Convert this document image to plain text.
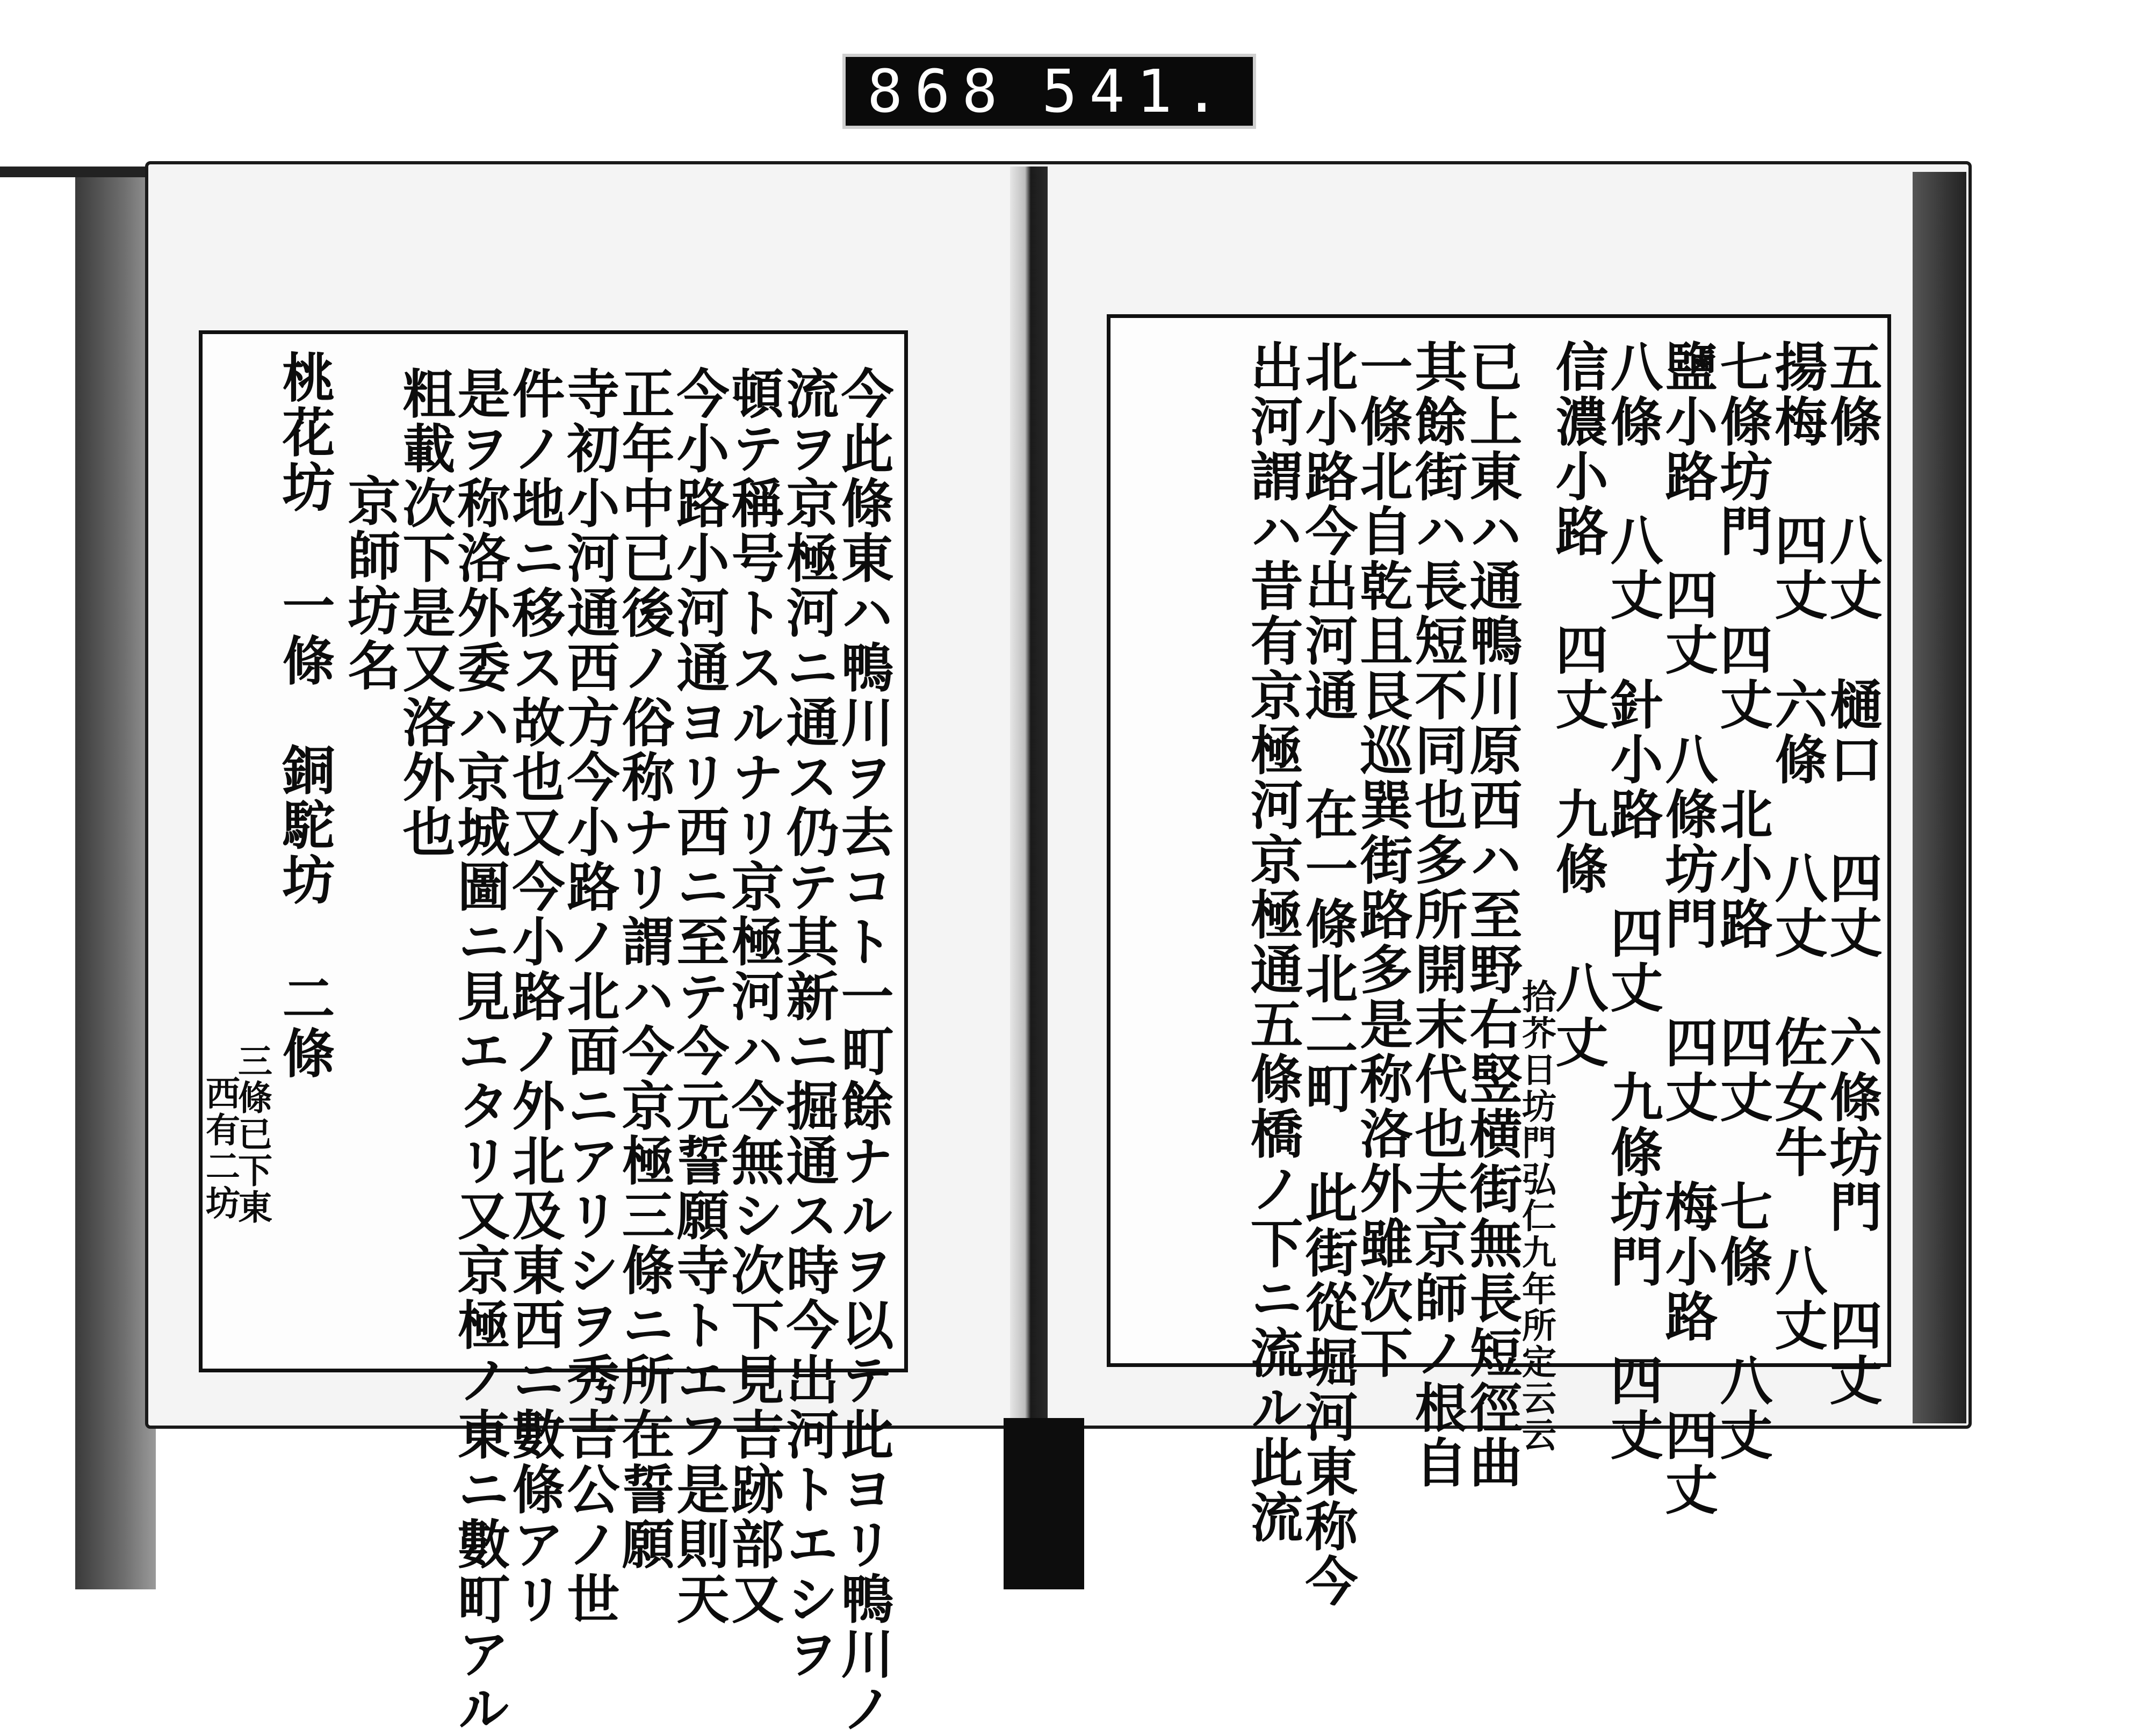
868 541.
今此條東ハ鴨川ヲ去コト一町餘ナルヲ以テ此ヨリ鴨川ノ
流ヲ京極河ニ通ス仍テ其新ニ掘通ス時今出河トエシヲ
頓テ稱号トスルナリ京極河ハ今無シ次下見吉跡部又
今小路小河通ヨリ西ニ至テ今元誓願寺トエフ是則天
正年中已後ノ俗称ナリ謂ハ今京極三條ニ所在誓願
寺初小河通西方今小路ノ北面ニアリシヲ秀吉公ノ世
件ノ地ニ移ス故也又今小路ノ外北及東西ニ數條アリ
是ヲ称洛外委ハ京城圖ニ見エタリ又京極ノ東ニ數町アル
粗載次下是又洛外也
京師坊名
桃花坊 一條　銅駝坊 二條　
三條已下東
西有二坊	五條 八丈　樋口 四丈　六條坊門 四丈
揚梅 四丈　六條 八丈　佐女牛 八丈
七條坊門 四丈　北小路 四丈　七條 八丈
鹽小路 四丈　八條坊門 四丈　梅小路 四丈
八條 八丈　針小路 四丈　九條坊門 四丈
信濃小路 四丈　九條 八丈
拾芥日坊門弘仁九年所定云云
已上東ハ通鴨川原西ハ至野右竪横街無長短徑曲
其餘街ハ長短不同也多所開末代也夫京師ノ根自
一條北自乾且艮巡巽街路多是称洛外雖次下
北小路今出河通 在一條北二町　此街從堀河東称今
出河謂ハ昔有京極河京極通五條橋ノ下ニ流ル此流
